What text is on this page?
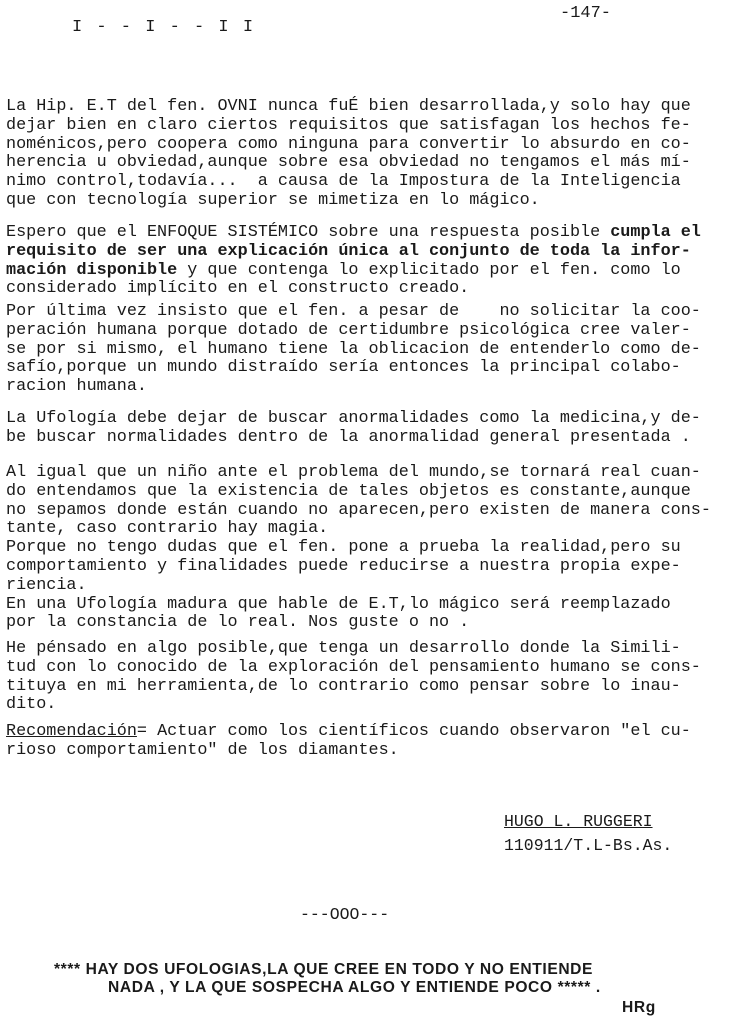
I - - I - - I I
-147-
La Hip. E.T del fen. OVNI nunca fuÉ bien desarrollada,y solo hay que
dejar bien en claro ciertos requisitos que satisfagan los hechos fe-
noménicos,pero coopera como ninguna para convertir lo absurdo en co-
herencia u obviedad,aunque sobre esa obviedad no tengamos el más mí-
nimo control,todavía...  a causa de la Impostura de la Inteligencia
que con tecnología superior se mimetiza en lo mágico.
Espero que el ENFOQUE SISTÉMICO sobre una respuesta posible cumpla el
requisito de ser una explicación única al conjunto de toda la infor-
mación disponible y que contenga lo explicitado por el fen. como lo
considerado implícito en el constructo creado.
Por última vez insisto que el fen. a pesar de    no solicitar la coo-
peración humana porque dotado de certidumbre psicológica cree valer-
se por si mismo, el humano tiene la oblicacion de entenderlo como de-
safío,porque un mundo distraído sería entonces la principal colabo-
racion humana.
La Ufología debe dejar de buscar anormalidades como la medicina,y de-
be buscar normalidades dentro de la anormalidad general presentada .
Al igual que un niño ante el problema del mundo,se tornará real cuan-
do entendamos que la existencia de tales objetos es constante,aunque
no sepamos donde están cuando no aparecen,pero existen de manera cons-
tante, caso contrario hay magia.
Porque no tengo dudas que el fen. pone a prueba la realidad,pero su
comportamiento y finalidades puede reducirse a nuestra propia expe-
riencia.
En una Ufología madura que hable de E.T,lo mágico será reemplazado
por la constancia de lo real. Nos guste o no .
He pénsado en algo posible,que tenga un desarrollo donde la Simili-
tud con lo conocido de la exploración del pensamiento humano se cons-
tituya en mi herramienta,de lo contrario como pensar sobre lo inau-
dito.
Recomendación= Actuar como los científicos cuando observaron "el cu-
rioso comportamiento" de los diamantes.
HUGO L. RUGGERI
110911/T.L-Bs.As.
---OOO---
**** HAY DOS UFOLOGIAS,LA QUE CREE EN TODO Y NO ENTIENDE
NADA , Y LA QUE SOSPECHA ALGO Y ENTIENDE POCO ***** .
HRg
